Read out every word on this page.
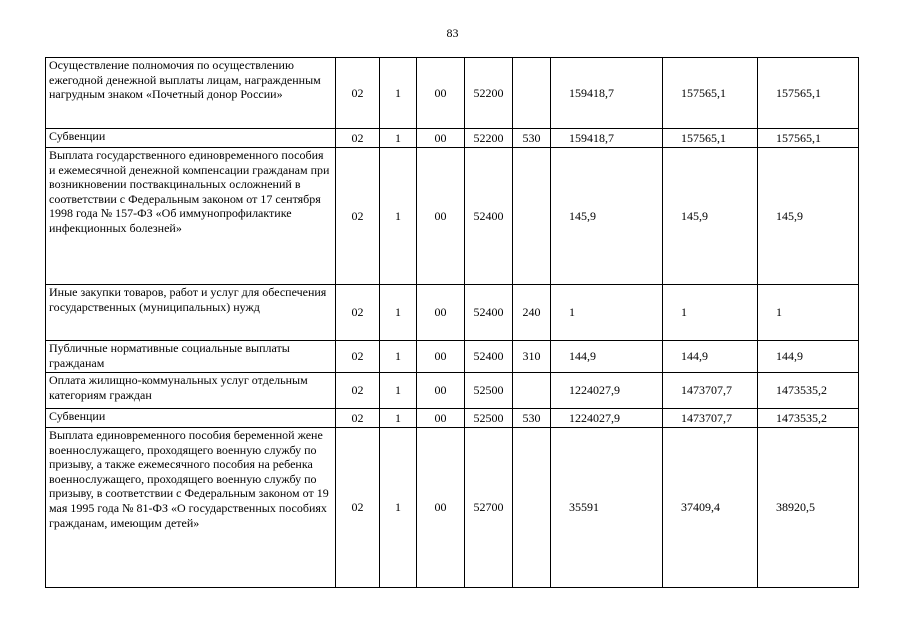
83
Осуществление полномочия по осуществлению ежегодной денежной выплаты лицам, награжденным нагрудным знаком «Почетный донор России»	02	1	00	52200		159418,7	157565,1	157565,1
Субвенции	02	1	00	52200	530	159418,7	157565,1	157565,1
Выплата государственного единовременного пособия и ежемесячной денежной компенсации гражданам при возникновении поствакцинальных осложнений в соответствии с Федеральным законом от 17 сентября 1998 года № 157-ФЗ «Об иммунопрофилактике инфекционных болезней»	02	1	00	52400		145,9	145,9	145,9
Иные закупки товаров, работ и услуг для обеспечения государственных (муниципальных) нужд	02	1	00	52400	240	1	1	1
Публичные нормативные социальные выплаты гражданам	02	1	00	52400	310	144,9	144,9	144,9
Оплата жилищно-коммунальных услуг отдельным категориям граждан	02	1	00	52500		1224027,9	1473707,7	1473535,2
Субвенции	02	1	00	52500	530	1224027,9	1473707,7	1473535,2
Выплата единовременного пособия беременной жене военнослужащего, проходящего военную службу по призыву, а также ежемесячного пособия на ребенка военнослужащего, проходящего военную службу по призыву, в соответствии с Федеральным законом от 19 мая 1995 года № 81-ФЗ «О государственных пособиях гражданам, имеющим детей»	02	1	00	52700		35591	37409,4	38920,5
